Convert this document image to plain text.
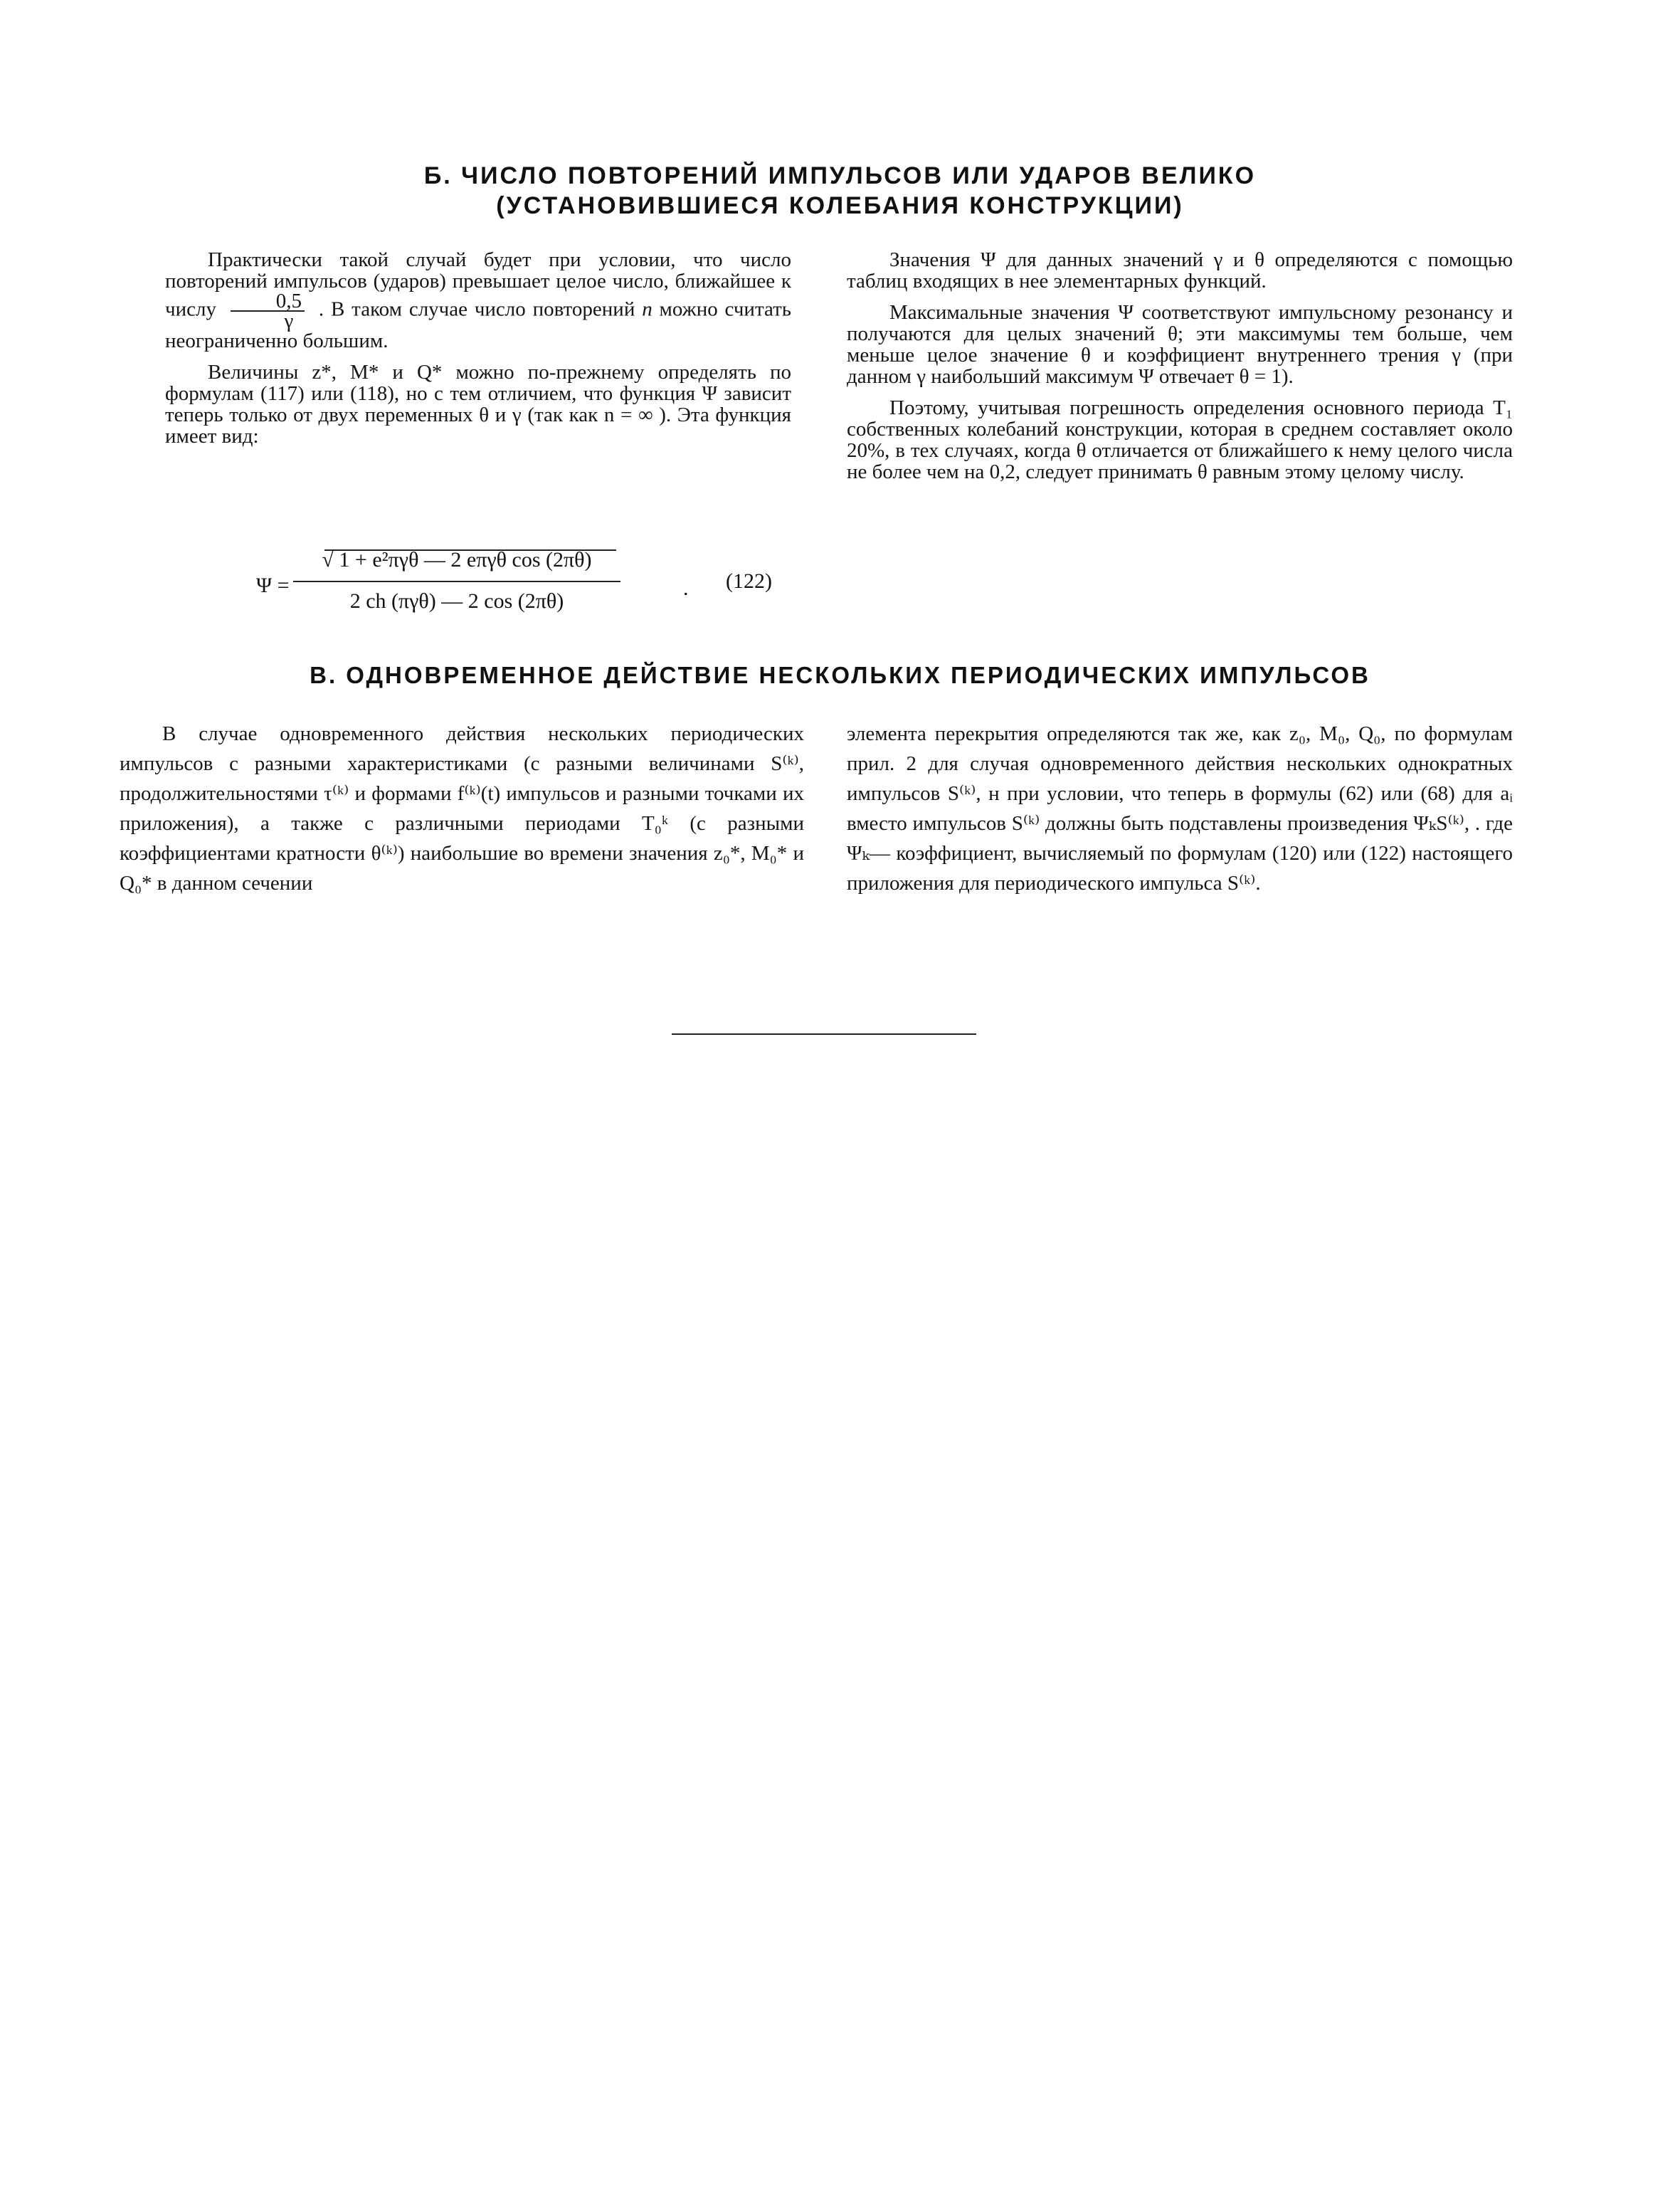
Б. ЧИСЛО ПОВТОРЕНИЙ ИМПУЛЬСОВ ИЛИ УДАРОВ ВЕЛИКО
(УСТАНОВИВШИЕСЯ КОЛЕБАНИЯ КОНСТРУКЦИИ)

Практически такой случай будет при условии, что число повторений импульсов (ударов) превышает целое число, ближайшее к числу $\frac{0,5}{\gamma}$ . В таком случае число повторений n можно считать неограниченно большим.

Величины z*, M* и Q* можно по-прежнему определять по формулам (117) или (118), но с тем отличием, что функция Ψ зависит теперь только от двух переменных θ и γ (так как n = ∞ ). Эта функция имеет вид:

Ψ =
√ 1 + e²πγθ — 2 eπγθ cos (2πθ)
2 ch (πγθ) — 2 cos (2πθ)
. (122)

Значения Ψ для данных значений γ и θ определяются с помощью таблиц входящих в нее элементарных функций.

Максимальные значения Ψ соответствуют импульсному резонансу и получаются для целых значений θ; эти максимумы тем больше, чем меньше целое значение θ и коэффициент внутреннего трения γ (при данном γ наибольший максимум Ψ отвечает θ = 1).

Поэтому, учитывая погрешность определения основного периода T₁ собственных колебаний конструкции, которая в среднем составляет около 20%, в тех случаях, когда θ отличается от ближайшего к нему целого числа не более чем на 0,2, следует принимать θ равным этому целому числу.

В. ОДНОВРЕМЕННОЕ ДЕЙСТВИЕ НЕСКОЛЬКИХ ПЕРИОДИЧЕСКИХ ИМПУЛЬСОВ

В случае одновременного действия нескольких периодических импульсов с разными характеристиками (с разными величинами S⁽ᵏ⁾, продолжительностями τ⁽ᵏ⁾ и формами f⁽ᵏ⁾(t) импульсов и разными точками их приложения), а также с различными периодами T₀ᵏ (с разными коэффициентами кратности θ⁽ᵏ⁾) наибольшие во времени значения z₀*, M₀* и Q₀* в данном сечении

элемента перекрытия определяются так же, как z₀, M₀, Q₀, по формулам прил. 2 для случая одновременного действия нескольких однократных импульсов S⁽ᵏ⁾, н при условии, что теперь в формулы (62) или (68) для aᵢ вместо импульсов S⁽ᵏ⁾ должны быть подставлены произведения ΨₖS⁽ᵏ⁾, . где Ψₖ— коэффициент, вычисляемый по формулам (120) или (122) настоящего приложения для периодического импульса S⁽ᵏ⁾.
